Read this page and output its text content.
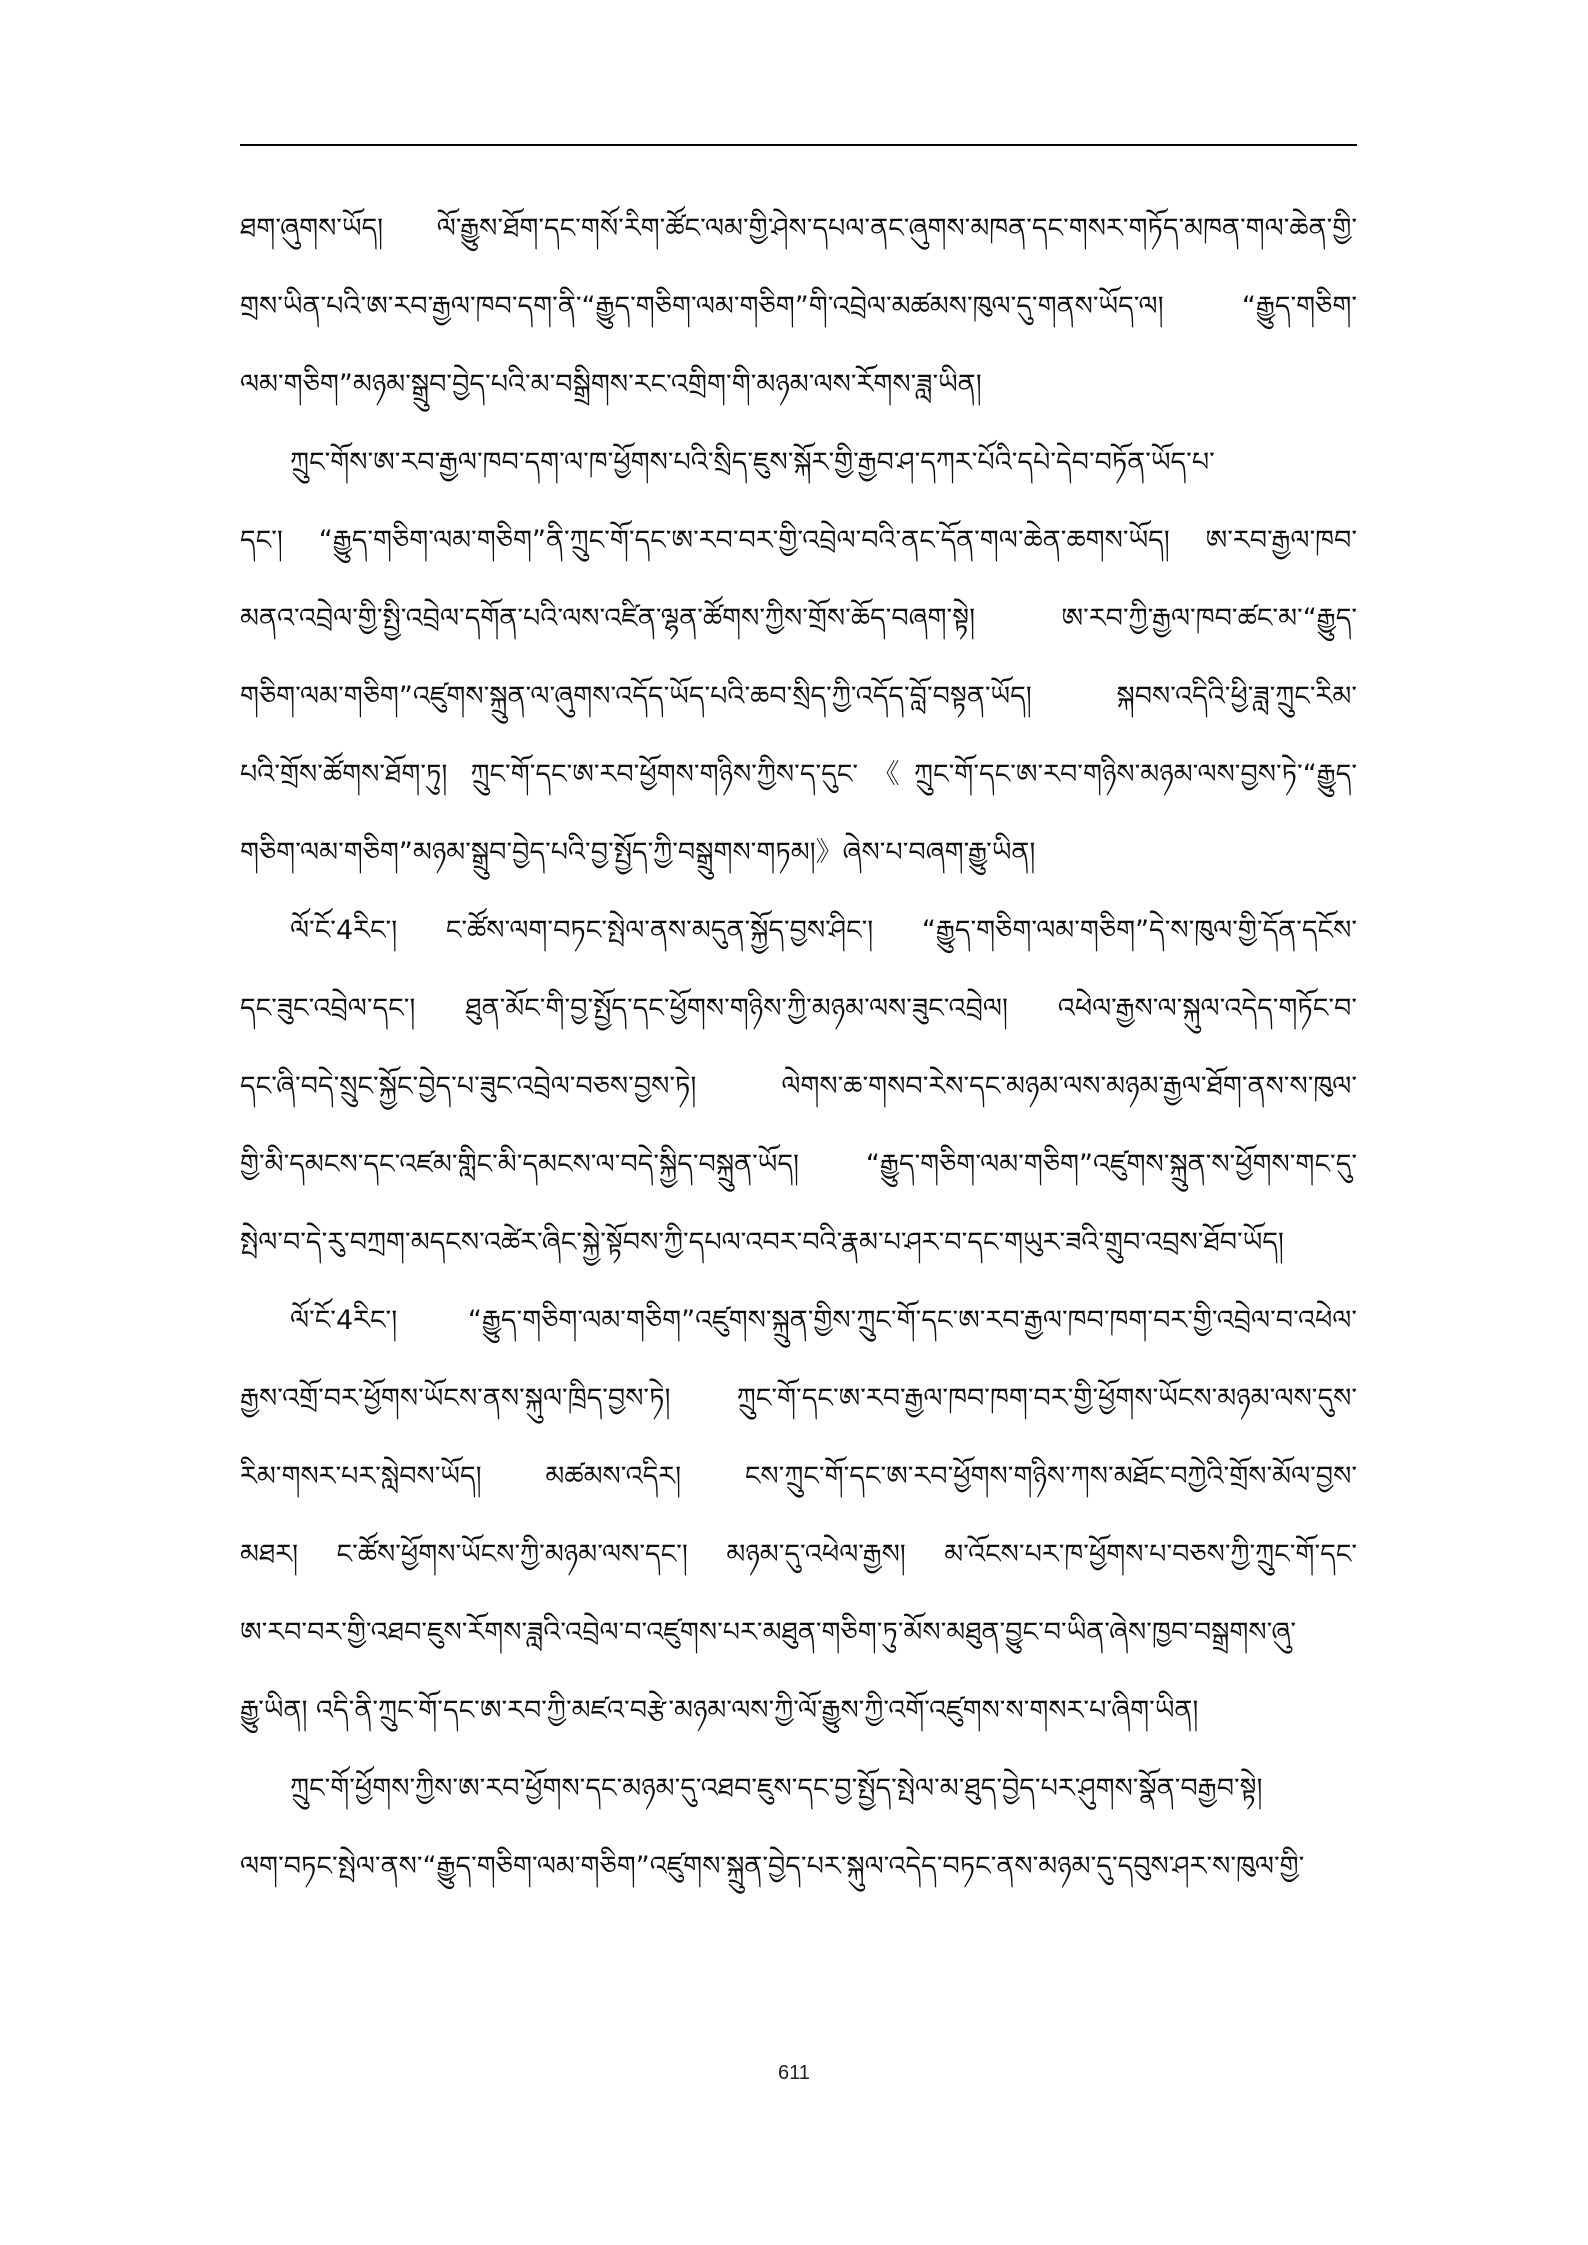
ཐག་ཞུགས་ཡོད། ལོ་རྒྱུས་ཐོག་དང་གསོ་རིག་ཚོང་ལམ་གྱི་ཤེས་དཔལ་ནང་ཞུགས་མཁན་དང་གསར་གཏོད་མཁན་གལ་ཆེན་གྱི་
གྲས་ཡིན་པའི་ཨ་རབ་རྒྱལ་ཁབ་དག་ནི་“རྒྱུད་གཅིག་ལམ་གཅིག”གི་འབྲེལ་མཚམས་ཁུལ་དུ་གནས་ཡོད་ལ། “རྒྱུད་གཅིག་
ལམ་གཅིག”མཉམ་སྒྲུབ་བྱེད་པའི་མ་བསྒྲིགས་རང་འགྲིག་གི་མཉམ་ལས་རོགས་ཟླ་ཡིན།
ཀྲུང་གོས་ཨ་རབ་རྒྱལ་ཁབ་དག་ལ་ཁ་ཕྱོགས་པའི་སྲིད་ཇུས་སྐོར་གྱི་རྒྱབ་ཤ་དཀར་པོའི་དཔེ་དེབ་བཏོན་ཡོད་པ་
དང་། “རྒྱུད་གཅིག་ལམ་གཅིག”ནི་ཀྲུང་གོ་དང་ཨ་རབ་བར་གྱི་འབྲེལ་བའི་ནང་དོན་གལ་ཆེན་ཆགས་ཡོད། ཨ་རབ་རྒྱལ་ཁབ་
མནའ་འབྲེལ་གྱི་སྤྱི་འབྲེལ་དགོན་པའི་ལས་འཛིན་ལྷན་ཚོགས་ཀྱིས་གྲོས་ཆོད་བཞག་སྟེ། ཨ་རབ་ཀྱི་རྒྱལ་ཁབ་ཚང་མ་“རྒྱུད་
གཅིག་ལམ་གཅིག”འཛུགས་སྐྲུན་ལ་ཞུགས་འདོད་ཡོད་པའི་ཆབ་སྲིད་ཀྱི་འདོད་བློ་བསྟན་ཡོད། སྐབས་འདིའི་ཕྱི་ཟླ་ཀྲུང་རིམ་
པའི་གྲོས་ཚོགས་ཐོག་ཏུ། ཀྲུང་གོ་དང་ཨ་རབ་ཕྱོགས་གཉིས་ཀྱིས་ད་དུང་《ཀྲུང་གོ་དང་ཨ་རབ་གཉིས་མཉམ་ལས་བྱས་ཏེ་“རྒྱུད་
གཅིག་ལམ་གཅིག”མཉམ་སྒྲུབ་བྱེད་པའི་བྱ་སྤྱོད་ཀྱི་བསྒྲུགས་གཏམ།》ཞེས་པ་བཞག་རྒྱུ་ཡིན།
ལོ་ངོ་4རིང་། ང་ཚོས་ལག་བཏང་སྤེལ་ནས་མདུན་སྐྱོད་བྱས་ཤིང་། “རྒྱུད་གཅིག་ལམ་གཅིག”དེ་ས་ཁུལ་གྱི་དོན་དངོས་
དང་ཟུང་འབྲེལ་དང་། ཐུན་མོང་གི་བྱ་སྤྱོད་དང་ཕྱོགས་གཉིས་ཀྱི་མཉམ་ལས་ཟུང་འབྲེལ། འཕེལ་རྒྱས་ལ་སྐུལ་འདེད་གཏོང་བ་
དང་ཞི་བདེ་སྲུང་སྐྱོང་བྱེད་པ་ཟུང་འབྲེལ་བཅས་བྱས་ཏེ། ལེགས་ཆ་གསབ་རེས་དང་མཉམ་ལས་མཉམ་རྒྱལ་ཐོག་ནས་ས་ཁུལ་
གྱི་མི་དམངས་དང་འཛམ་གླིང་མི་དམངས་ལ་བདེ་སྐྱིད་བསྐྲུན་ཡོད། “རྒྱུད་གཅིག་ལམ་གཅིག”འཛུགས་སྐྲུན་ས་ཕྱོགས་གང་དུ་
སྤེལ་བ་དེ་རུ་བཀྲག་མདངས་འཚེར་ཞིང་སྐྱེ་སྟོབས་ཀྱི་དཔལ་འབར་བའི་རྣམ་པ་ཤར་བ་དང་གཡུར་ཟའི་གྲུབ་འབྲས་ཐོབ་ཡོད།
ལོ་ངོ་4རིང་། “རྒྱུད་གཅིག་ལམ་གཅིག”འཛུགས་སྐྲུན་གྱིས་ཀྲུང་གོ་དང་ཨ་རབ་རྒྱལ་ཁབ་ཁག་བར་གྱི་འབྲེལ་བ་འཕེལ་
རྒྱས་འགྲོ་བར་ཕྱོགས་ཡོངས་ནས་སྐུལ་ཁྲིད་བྱས་ཏེ། ཀྲུང་གོ་དང་ཨ་རབ་རྒྱལ་ཁབ་ཁག་བར་གྱི་ཕྱོགས་ཡོངས་མཉམ་ལས་དུས་
རིམ་གསར་པར་སླེབས་ཡོད། མཚམས་འདིར། ངས་ཀྲུང་གོ་དང་ཨ་རབ་ཕྱོགས་གཉིས་ཀས་མཐོང་བཀྱེའི་གྲོས་མོལ་བྱས་
མཐར། ང་ཚོས་ཕྱོགས་ཡོངས་ཀྱི་མཉམ་ལས་དང་། མཉམ་དུ་འཕེལ་རྒྱས། མ་འོངས་པར་ཁ་ཕྱོགས་པ་བཅས་ཀྱི་ཀྲུང་གོ་དང་
ཨ་རབ་བར་གྱི་འཐབ་ཇུས་རོགས་ཟླའི་འབྲེལ་བ་འཛུགས་པར་མཐུན་གཅིག་ཏུ་མོས་མཐུན་བྱུང་བ་ཡིན་ཞེས་ཁྱབ་བསྒྲགས་ཞུ་
རྒྱུ་ཡིན། འདི་ནི་ཀྲུང་གོ་དང་ཨ་རབ་ཀྱི་མཛའ་བརྩེ་མཉམ་ལས་ཀྱི་ལོ་རྒྱུས་ཀྱི་འགོ་འཛུགས་ས་གསར་པ་ཞིག་ཡིན།
ཀྲུང་གོ་ཕྱོགས་ཀྱིས་ཨ་རབ་ཕྱོགས་དང་མཉམ་དུ་འཐབ་ཇུས་དང་བྱ་སྤྱོད་སྤེལ་མ་ཐུད་བྱེད་པར་ཤུགས་སྣོན་བརྒྱབ་སྟེ།
ལག་བཏང་སྤེལ་ནས་“རྒྱུད་གཅིག་ལམ་གཅིག”འཛུགས་སྐྲུན་བྱེད་པར་སྐུལ་འདེད་བཏང་ནས་མཉམ་དུ་དབུས་ཤར་ས་ཁུལ་གྱི་
611
